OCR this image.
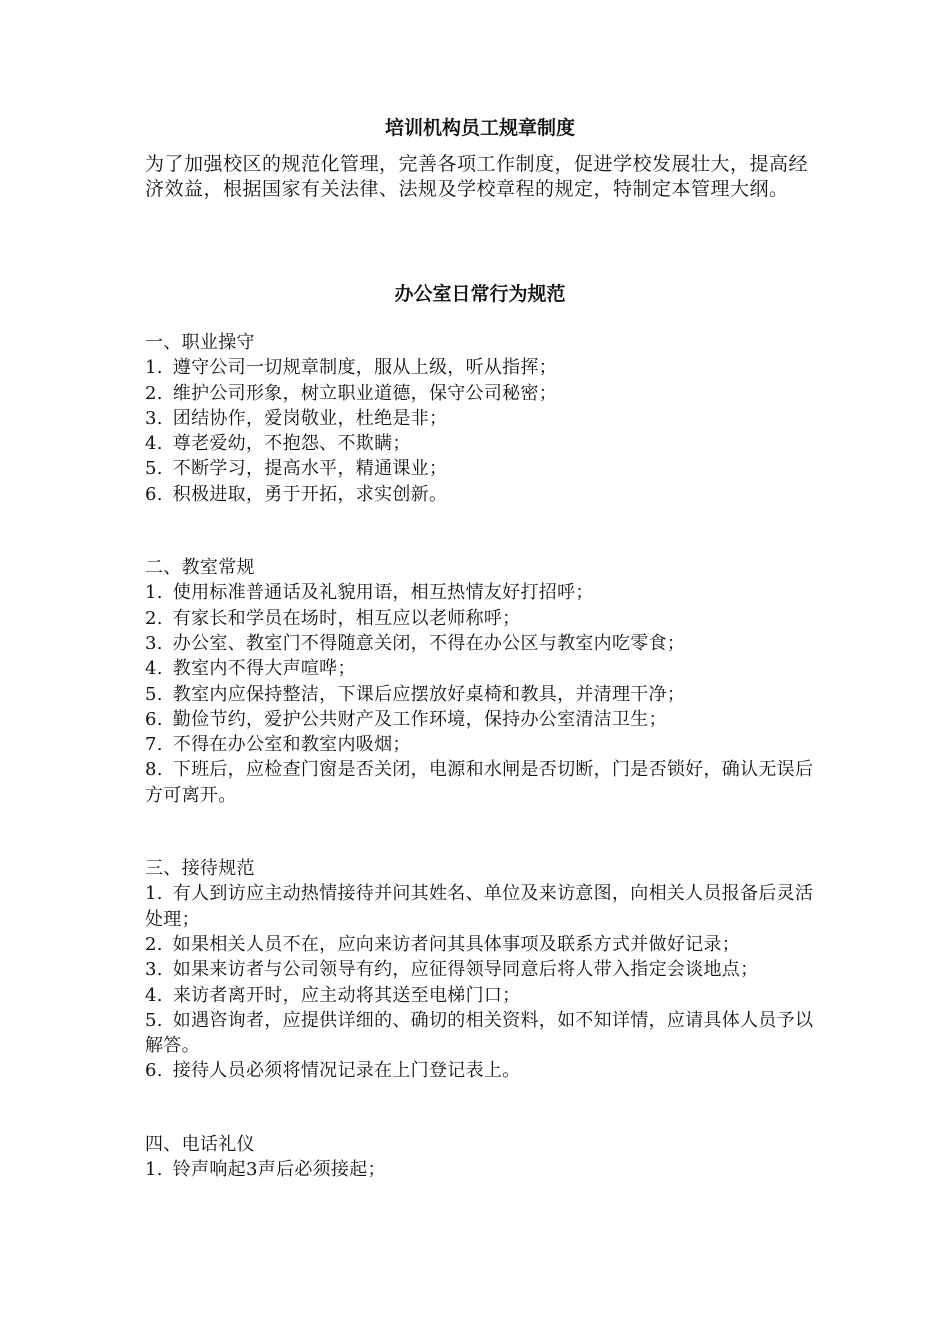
培训机构员工规章制度

为了加强校区的规范化管理，完善各项工作制度，促进学校发展壮大，提高经济效益，根据国家有关法律、法规及学校章程的规定，特制定本管理大纲。

办公室日常行为规范

一、职业操守

1. 遵守公司一切规章制度，服从上级，听从指挥；

2. 维护公司形象，树立职业道德，保守公司秘密；

3. 团结协作，爱岗敬业，杜绝是非；

4. 尊老爱幼，不抱怨、不欺瞒；

5. 不断学习，提高水平，精通课业；

6. 积极进取，勇于开拓，求实创新。

二、教室常规

1. 使用标准普通话及礼貌用语，相互热情友好打招呼；

2. 有家长和学员在场时，相互应以老师称呼；

3. 办公室、教室门不得随意关闭，不得在办公区与教室内吃零食；

4. 教室内不得大声喧哗；

5. 教室内应保持整洁，下课后应摆放好桌椅和教具，并清理干净；

6. 勤俭节约，爱护公共财产及工作环境，保持办公室清洁卫生；

7. 不得在办公室和教室内吸烟；

8. 下班后，应检查门窗是否关闭，电源和水闸是否切断，门是否锁好，确认无误后方可离开。

三、接待规范

1. 有人到访应主动热情接待并问其姓名、单位及来访意图，向相关人员报备后灵活处理；

2. 如果相关人员不在，应向来访者问其具体事项及联系方式并做好记录；

3. 如果来访者与公司领导有约，应征得领导同意后将人带入指定会谈地点；

4. 来访者离开时，应主动将其送至电梯门口；

5. 如遇咨询者，应提供详细的、确切的相关资料，如不知详情，应请具体人员予以解答。

6. 接待人员必须将情况记录在上门登记表上。

四、电话礼仪

1. 铃声响起3声后必须接起；
